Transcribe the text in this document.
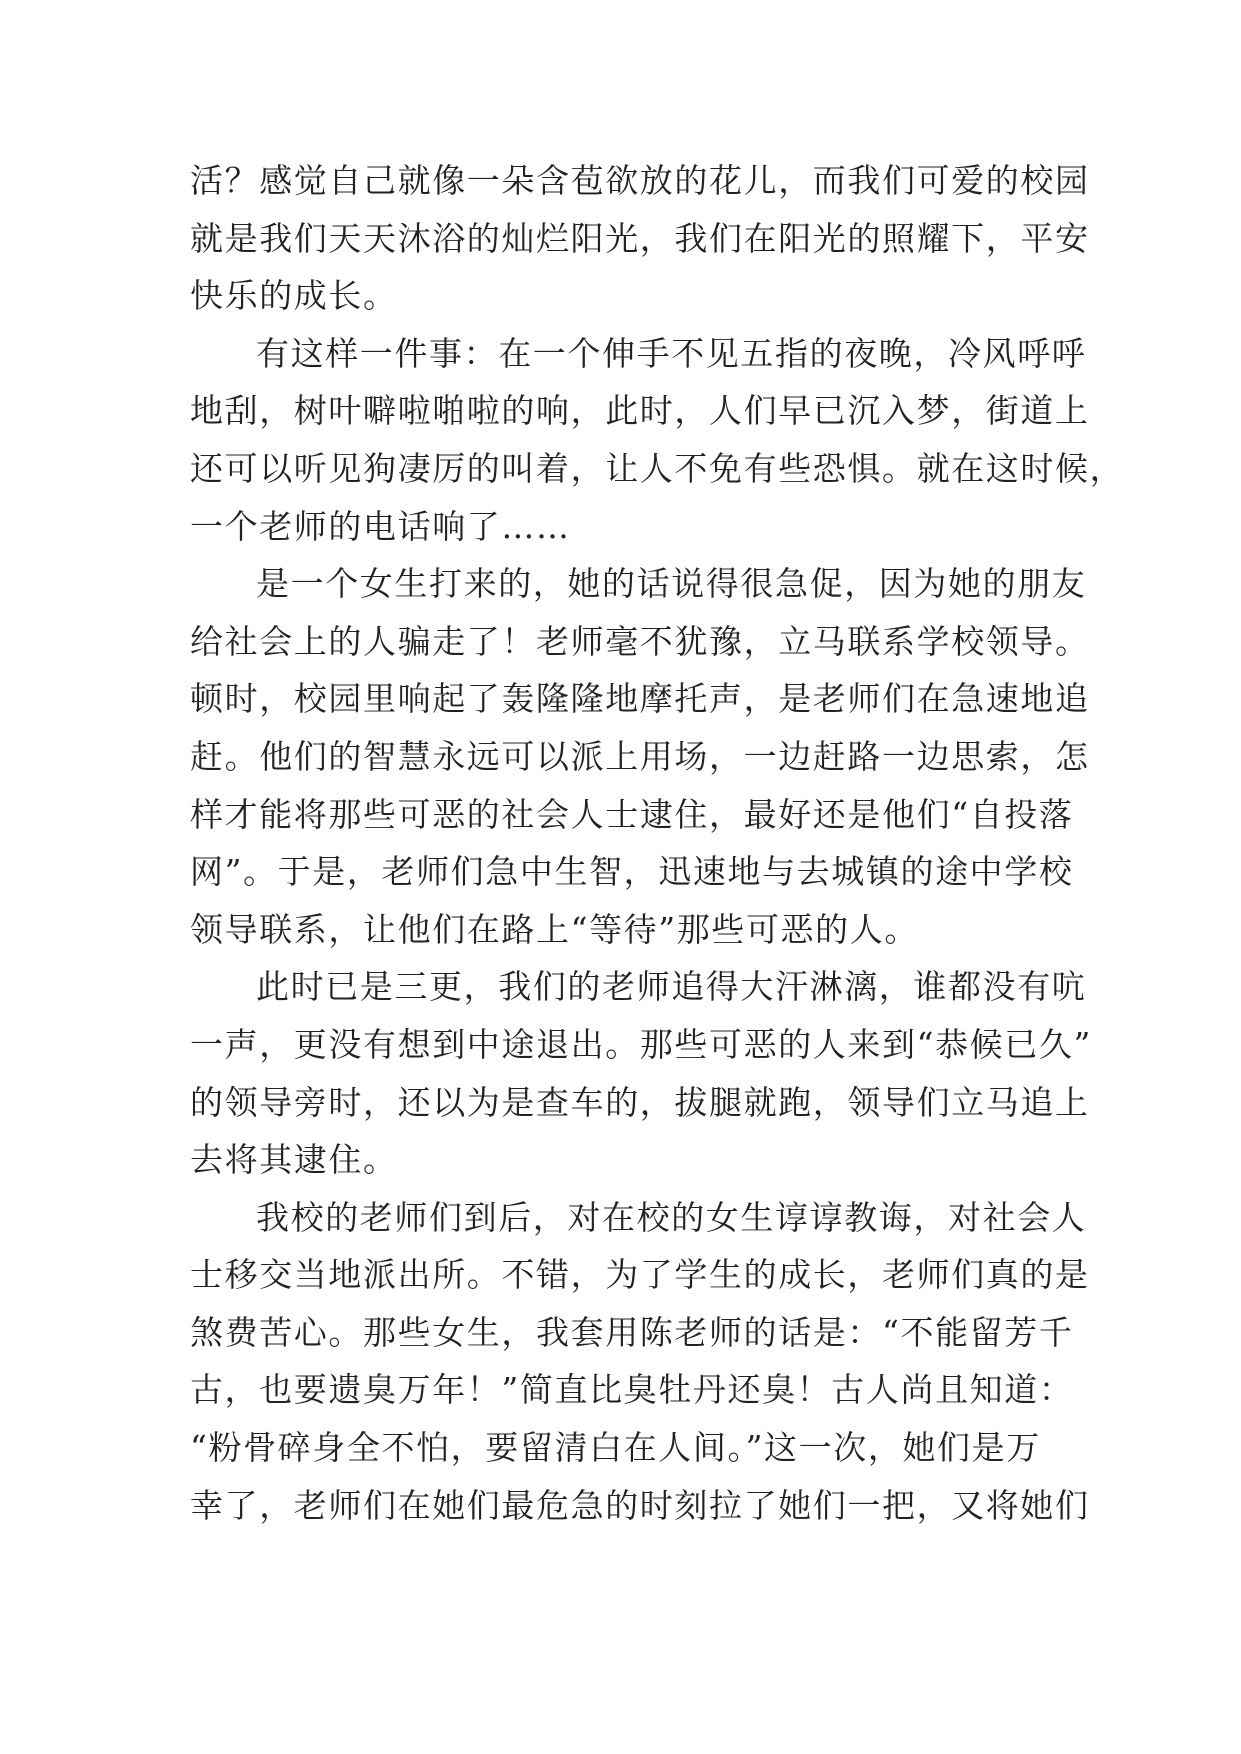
活？感觉自己就像一朵含苞欲放的花儿，而我们可爱的校园
就是我们天天沐浴的灿烂阳光，我们在阳光的照耀下，平安
快乐的成长。
有这样一件事：在一个伸手不见五指的夜晚，冷风呼呼
地刮，树叶噼啦啪啦的响，此时，人们早已沉入梦，街道上
还可以听见狗凄厉的叫着，让人不免有些恐惧。就在这时候，
一个老师的电话响了……
是一个女生打来的，她的话说得很急促，因为她的朋友
给社会上的人骗走了！老师毫不犹豫，立马联系学校领导。
顿时，校园里响起了轰隆隆地摩托声，是老师们在急速地追
赶。他们的智慧永远可以派上用场，一边赶路一边思索，怎
样才能将那些可恶的社会人士逮住，最好还是他们“自投落
网”。于是，老师们急中生智，迅速地与去城镇的途中学校
领导联系，让他们在路上“等待”那些可恶的人。
此时已是三更，我们的老师追得大汗淋漓，谁都没有吭
一声，更没有想到中途退出。那些可恶的人来到“恭候已久”
的领导旁时，还以为是查车的，拔腿就跑，领导们立马追上
去将其逮住。
我校的老师们到后，对在校的女生谆谆教诲，对社会人
士移交当地派出所。不错，为了学生的成长，老师们真的是
煞费苦心。那些女生，我套用陈老师的话是：“不能留芳千
古，也要遗臭万年！”简直比臭牡丹还臭！古人尚且知道：
“粉骨碎身全不怕，要留清白在人间。”这一次，她们是万
幸了，老师们在她们最危急的时刻拉了她们一把，又将她们
